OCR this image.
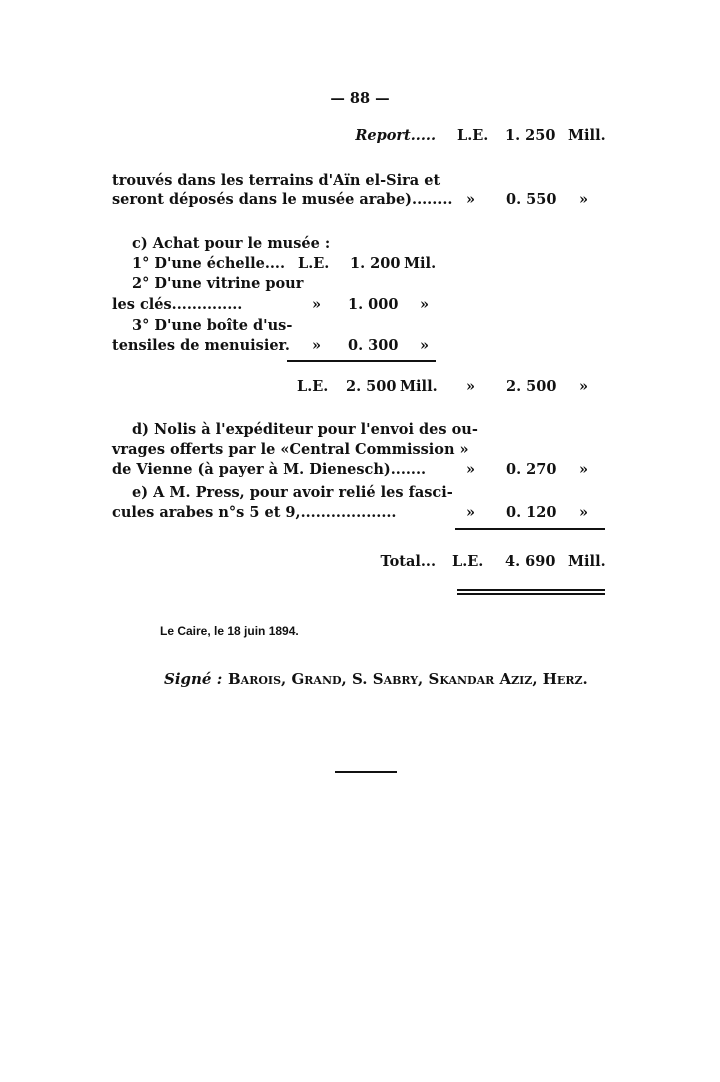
— 88 —
Report..... L.E. 1. 250 Mill.
trouvés dans les terrains d'Aïn el-Sira et
seront déposés dans le musée arabe)........ » 0. 550 »
c) Achat pour le musée :
1° D'une échelle.... L.E. 1. 200 Mil.
2° D'une vitrine pour
les clés..............	» 1. 000 »
3° D'une boîte d'us-
tensiles de menuisier. » 0. 300 »
L.E. 2. 500 Mill. » 2. 500 »
d) Nolis à l'expéditeur pour l'envoi des ou-
vrages offerts par le «Central Commission »
de Vienne (à payer à M. Dienesch).......	» 0. 270 »
e) A M. Press, pour avoir relié les fasci-
cules arabes n°s 5 et 9,...................	» 0. 120 »
Total... L.E. 4. 690 Mill.
Le Caire, le 18 juin 1894.
Signé : Barois, Grand, S. Sabry, Skandar Aziz, Herz.
